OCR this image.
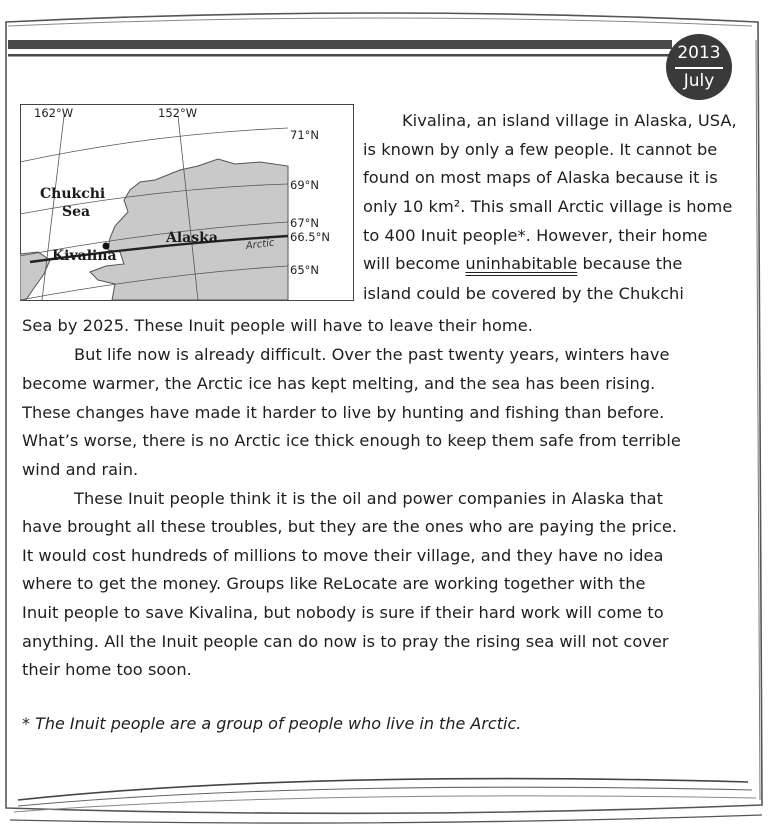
2013
July
162°W	152°W
71°N
69°N
67°N
66.5°N
65°N
Chukchi
Sea
Alaska
Kivalina
Arctic
Kivalina, an island village in Alaska, USA,
is known by only a few people. It cannot be
found on most maps of Alaska because it is
only 10 km². This small Arctic village is home
to 400 Inuit people*. However, their home
will become uninhabitable because the
island could be covered by the Chukchi
Sea by 2025. These Inuit people will have to leave their home.
But life now is already difficult. Over the past twenty years, winters have
become warmer, the Arctic ice has kept melting, and the sea has been rising.
These changes have made it harder to live by hunting and fishing than before.
What’s worse, there is no Arctic ice thick enough to keep them safe from terrible
wind and rain.
These Inuit people think it is the oil and power companies in Alaska that
have brought all these troubles, but they are the ones who are paying the price.
It would cost hundreds of millions to move their village, and they have no idea
where to get the money. Groups like ReLocate are working together with the
Inuit people to save Kivalina, but nobody is sure if their hard work will come to
anything. All the Inuit people can do now is to pray the rising sea will not cover
their home too soon.
* The Inuit people are a group of people who live in the Arctic.
